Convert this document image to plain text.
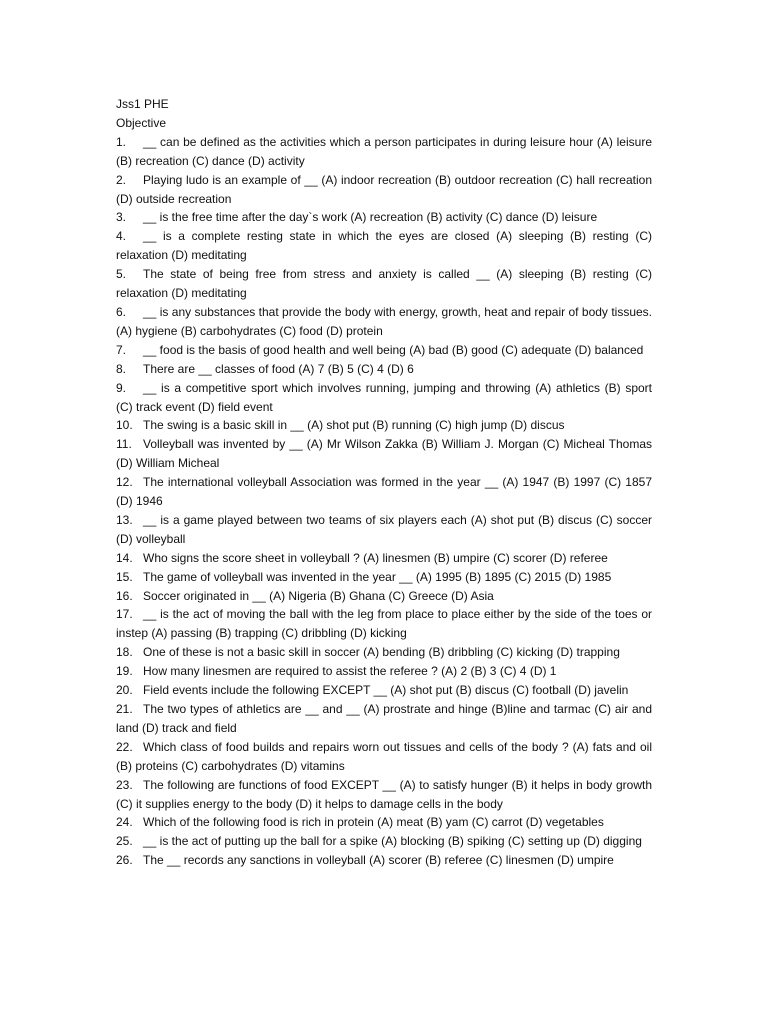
Jss1 PHE
Objective
1. __ can be defined as the activities which a person participates in during leisure hour (A) leisure (B) recreation (C) dance (D) activity
2. Playing ludo is an example of __ (A) indoor recreation (B) outdoor recreation (C) hall recreation (D) outside recreation
3. __ is the free time after the day`s work (A) recreation (B) activity (C) dance (D) leisure
4. __ is a complete resting state in which the eyes are closed (A) sleeping (B) resting (C) relaxation (D) meditating
5. The state of being free from stress and anxiety is called __ (A) sleeping (B) resting (C) relaxation (D) meditating
6. __ is any substances that provide the body with energy, growth, heat and repair of body tissues. (A) hygiene (B) carbohydrates (C) food (D) protein
7. __ food is the basis of good health and well being (A) bad (B) good (C) adequate (D) balanced
8. There are __ classes of food (A) 7 (B) 5 (C) 4 (D) 6
9. __ is a competitive sport which involves running, jumping and throwing (A) athletics (B) sport (C) track event (D) field event
10. The swing is a basic skill in __ (A) shot put (B) running (C) high jump (D) discus
11. Volleyball was invented by __ (A) Mr Wilson Zakka (B) William J. Morgan (C) Micheal Thomas (D) William Micheal
12. The international volleyball Association was formed in the year __ (A) 1947 (B) 1997 (C) 1857 (D) 1946
13. __ is a game played between two teams of six players each (A) shot put (B) discus (C) soccer (D) volleyball
14. Who signs the score sheet in volleyball ? (A) linesmen (B) umpire (C) scorer (D) referee
15. The game of volleyball was invented in the year __ (A) 1995 (B) 1895 (C) 2015 (D) 1985
16. Soccer originated in __ (A) Nigeria (B) Ghana (C) Greece (D) Asia
17. __ is the act of moving the ball with the leg from place to place either by the side of the toes or instep (A) passing (B) trapping (C) dribbling (D) kicking
18. One of these is not a basic skill in soccer (A) bending (B) dribbling (C) kicking (D) trapping
19. How many linesmen are required to assist the referee ? (A) 2 (B) 3 (C) 4 (D) 1
20. Field events include the following EXCEPT __ (A) shot put (B) discus (C) football (D) javelin
21. The two types of athletics are __ and __ (A) prostrate and hinge (B)line and tarmac (C) air and land (D) track and field
22. Which class of food builds and repairs worn out tissues and cells of the body ? (A) fats and oil (B) proteins (C) carbohydrates (D) vitamins
23. The following are functions of food EXCEPT __ (A) to satisfy hunger (B) it helps in body growth (C) it supplies energy to the body (D) it helps to damage cells in the body
24. Which of the following food is rich in protein (A) meat (B) yam (C) carrot (D) vegetables
25. __ is the act of putting up the ball for a spike (A) blocking (B) spiking (C) setting up (D) digging
26. The __ records any sanctions in volleyball (A) scorer (B) referee (C) linesmen (D) umpire
